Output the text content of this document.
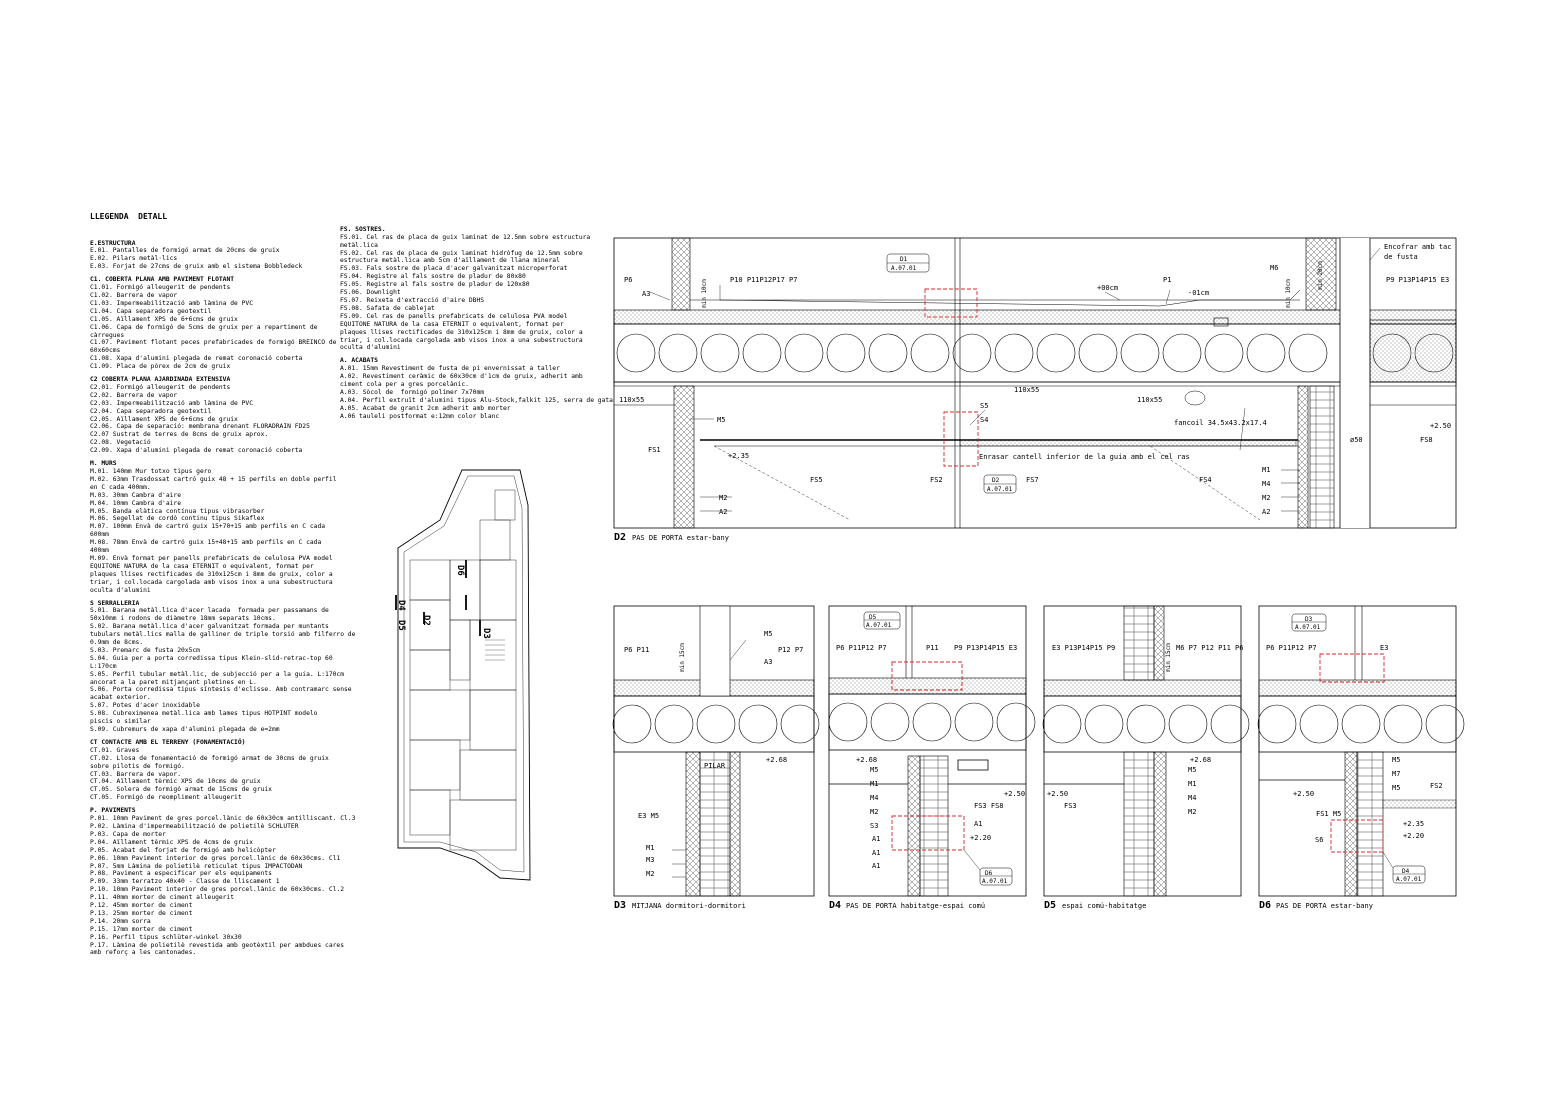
LLEGENDA  DETALL

E.ESTRUCTURA
E.01. Pantalles de formigó armat de 20cms de gruix
E.02. Pilars metàl·lics
E.03. Forjat de 27cms de gruix amb el sistema Bobbledeck
C1. COBERTA PLANA AMB PAVIMENT FLOTANT
C1.01. Formigó alleugerit de pendents
C1.02. Barrera de vapor
C1.03. Impermeabilització amb làmina de PVC
C1.04. Capa separadora geotextil
C1.05. Aïllament XPS de 6+6cms de gruix
C1.06. Capa de formigó de 5cms de gruix per a repartiment de
càrregues
C1.07. Paviment flotant peces prefabricades de formigó BREINCO de
60x60cms
C1.08. Xapa d'alumini plegada de remat coronació coberta
C1.09. Placa de pòrex de 2cm de gruix
C2 COBERTA PLANA AJARDINADA EXTENSIVA
C2.01. Formigó alleugerit de pendents
C2.02. Barrera de vapor
C2.03. Impermeabilització amb làmina de PVC
C2.04. Capa separadora geotextil
C2.05. Aïllament XPS de 6+6cms de gruix
C2.06. Capa de separació: membrana drenant FLORADRAIN FD25
C2.07 Sustrat de terres de 8cms de gruix aprox.
C2.08. Vegetació
C2.09. Xapa d'alumini plegada de remat coronació coberta
M. MURS
M.01. 140mm Mur totxo tipus gero
M.02. 63mm Trasdossat cartró guix 48 + 15 perfils en doble perfil
en C cada 400mm.
M.03. 30mm Cambra d'aire
M.04. 10mm Cambra d'aire
M.05. Banda elàtica contínua tipus vibrasorber
M.06. Segellat de cordó continu tipus Sikaflex
M.07. 100mm Envà de cartró guix 15+70+15 amb perfils en C cada
600mm
M.08. 78mm Envà de cartró guix 15+48+15 amb perfils en C cada
400mm
M.09. Envà format per panells prefabricats de celulosa PVA model
EQUITONE NATURA de la casa ETERNIT o equivalent, format per
plaques llises rectificades de 310x125cm i 8mm de gruix, color a
triar, i col.locada cargolada amb visos inox a una subestructura
oculta d'alumini
S SERRALLERIA
S.01. Barana metàl.lica d'acer lacada  formada per passamans de
50x10mm i rodons de diàmetre 18mm separats 10cms.
S.02. Barana metàl.lica d'acer galvanitzat formada per muntants
tubulars metàl.lics malla de galliner de triple torsió amb filferro de
0.9mm de 8cms.
S.03. Premarc de fusta 20x5cm
S.04. Guia per a porta corredissa tipus Klein-slid-retrac-top 60
L:170cm
S.05. Perfil tubular metàl.lic, de subjecció per a la guia. L:170cm
ancorat a la paret mitjançant pletines en L.
S.06. Porta corredissa tipus síntesis d'eclisse. Amb contramarc sense
acabat exterior.
S.07. Potes d'acer inoxidable
S.08. Cubreximenea metàl.lica amb lames tipus HOTPINT modelo
piscis o similar
S.09. Cubremurs de xapa d'alumini plegada de e=2mm
CT CONTACTE AMB EL TERRENY (FONAMENTACIÓ)
CT.01. Graves
CT.02. Llosa de fonamentació de formigó armat de 30cms de gruix
sobre pilotis de formigó.
CT.03. Barrera de vapor.
CT.04. Aïllament tèrmic XPS de 10cms de gruix
CT.05. Solera de formigó armat de 15cms de gruix
CT.05. Formigó de reompliment alleugerit
P. PAVIMENTS
P.01. 10mm Paviment de gres porcel.lànic de 60x30cm antilliscant. Cl.3
P.02. Làmina d'impermeabilització de polietilè SCHLUTER
P.03. Capa de morter
P.04. Aïllament tèrmic XPS de 4cms de gruix
P.05. Acabat del forjat de formigó amb helicòpter
P.06. 10mm Paviment interior de gres porcel.lànic de 60x30cms. Cl1
P.07. 5mm Làmina de polietilè reticulat tipus IMPACTODAN
P.08. Paviment a especificar per els equipaments
P.09. 33mm terratzo 40x40 - Classe de lliscament 1
P.10. 10mm Paviment interior de gres porcel.lànic de 60x30cms. Cl.2
P.11. 40mm morter de ciment alleugerit
P.12. 45mm morter de ciment
P.13. 25mm morter de ciment
P.14. 20mm sorra
P.15. 17mm morter de ciment
P.16. Perfil tipus schlüter-winkel 30x30
P.17. Làmina de polietilè revestida amb geotèxtil per ambdues cares
amb reforç a les cantonades.

FS. SOSTRES.
FS.01. Cel ras de placa de guix laminat de 12.5mm sobre estructura
metàl.lica
FS.02. Cel ras de placa de guix laminat hidròfug de 12.5mm sobre
estructura metàl.lica amb 5cm d'aïllament de llana mineral
FS.03. Fals sostre de placa d'acer galvanitzat microperforat
FS.04. Registre al fals sostre de pladur de 80x80
FS.05. Registre al fals sostre de pladur de 120x80
FS.06. Downlight
FS.07. Reixeta d'extracció d'aire DBHS
FS.08. Safata de cablejat
FS.09. Cel ras de panells prefabricats de celulosa PVA model
EQUITONE NATURA de la casa ETERNIT o equivalent, format per
plaques llises rectificades de 310x125cm i 8mm de gruix, color a
triar, i col.locada cargolada amb visos inox a una subestructura
oculta d'alumini
A. ACABATS
A.01. 15mm Revestiment de fusta de pi envernissat a taller
A.02. Revestiment ceràmic de 60x30cm d'1cm de gruix, adherit amb
ciment cola per a gres porcelànic.
A.03. Sòcol de  formigó polímer 7x70mm
A.04. Perfil extruït d'alumini tipus Alu-Stock,falkit 125, serra de gata
A.05. Acabat de granit 2cm adherit amb morter
A.06 tauleli postformat e:12mm color blanc

D6
D4
D5 D2
D3
P6
A3
P10 P11P12P17 P7
D1
A.07.01
+00cm
P1
-01cm
M6
Encofrar amb tac
de fusta
P9 P13P14P15 E3
110x55
110x55
110x55
S5
S4
M5
FS1
+2.35
FS5	FS2
Enrasar cantell inferior de la guia amb el cel ras
D2
A.07.01
FS7
fancoil 34.5x43.2x17.4
FS4
ø50
+2.50
FS8
M1
M4
M2
A2
M2
A2
min 10cm	min 10cm
min 20cm
D2 PAS DE PORTA estar-bany
P6 P11	min 15cm
M5
P12 P7
A3
PILAR
+2.68
E3 M5
M1
M3
M2
D3 MITJANA dormitori-dormitori
D5
A.07.01
P6 P11P12 P7	P11 P9 P13P14P15 E3
+2.68
M5
M1
M4
M2
S3
A1
A1
A1
FS3 FS8
+2.50
A1
+2.20
D6
A.07.01
D4 PAS DE PORTA habitatge-espai comú
E3 P13P14P15 P9	min 15cm M6 P7 P12 P11 P6
+2.68
M5
M1
M4
M2
+2.50
FS3
D5 espai comú-habitatge
D3
A.07.01
P6 P11P12 P7	E3
M5
M7
M5	FS2
+2.50
FS1 M5
+2.35
+2.20
S6
D4
A.07.01
D6 PAS DE PORTA estar-bany
